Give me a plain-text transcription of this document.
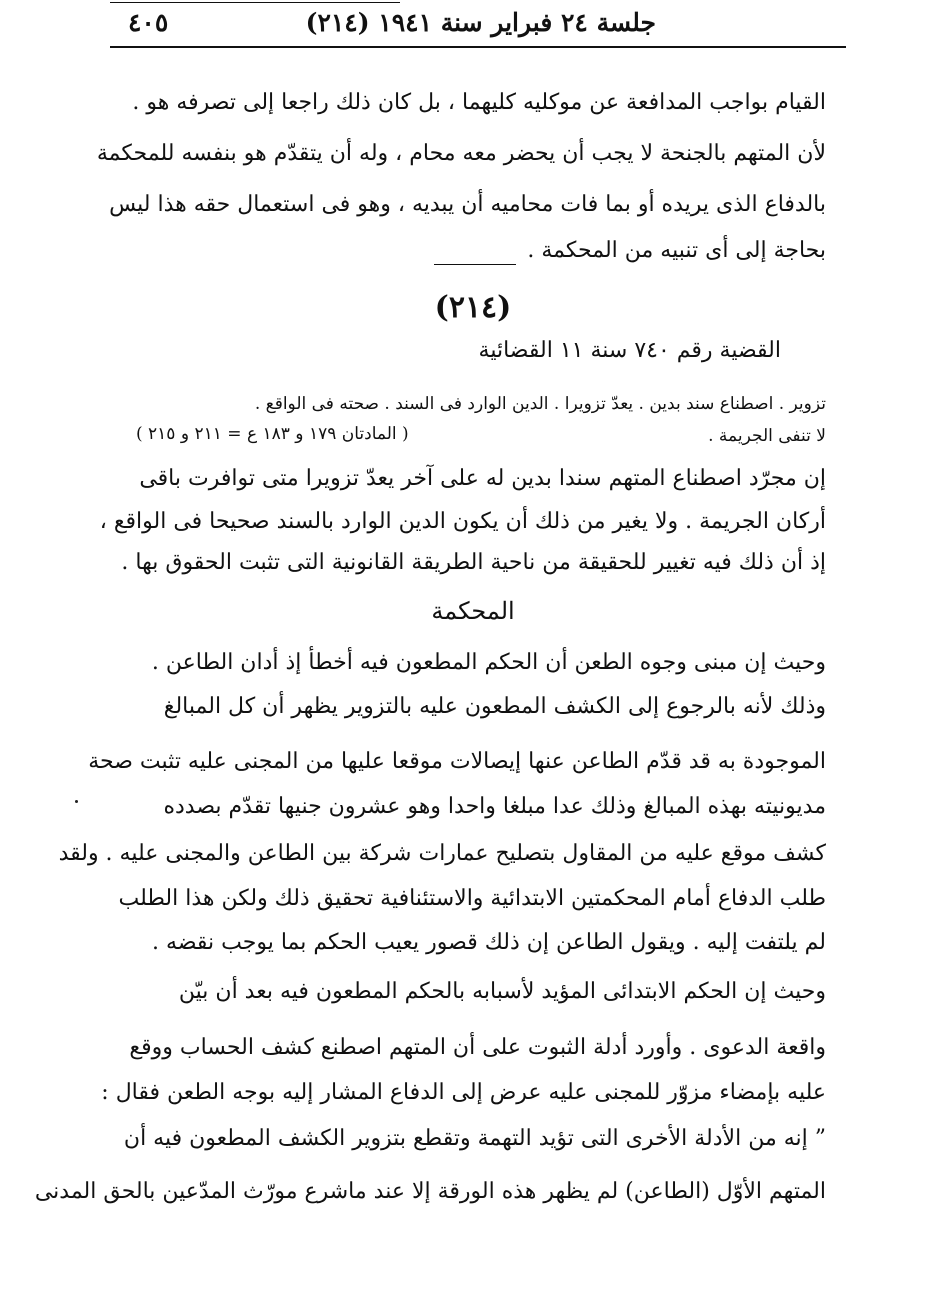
جلسة ٢٤ فبراير سنة ١٩٤١ (٢١٤)
٤٠٥
القيام بواجب المدافعة عن موكليه كليهما ، بل كان ذلك راجعا إلى تصرفه هو .
لأن المتهم بالجنحة لا يجب أن يحضر معه محام ، وله أن يتقدّم هو بنفسه للمحكمة
بالدفاع الذى يريده أو بما فات محاميه أن يبديه ، وهو فى استعمال حقه هذا ليس
بحاجة إلى أى تنبيه من المحكمة .
(٢١٤)
القضية رقم ٧٤٠ سنة ١١ القضائية
تزوير . اصطناع سند بدين . يعدّ تزويرا . الدين الوارد فى السند . صحته فى الواقع .
لا تنفى الجريمة .
( المادتان ١٧٩ و ١٨٣ ع = ٢١١ و ٢١٥ )
إن مجرّد اصطناع المتهم سندا بدين له على آخر يعدّ تزويرا متى توافرت باقى
أركان الجريمة . ولا يغير من ذلك أن يكون الدين الوارد بالسند صحيحا فى الواقع ،
إذ أن ذلك فيه تغيير للحقيقة من ناحية الطريقة القانونية التى تثبت الحقوق بها .
المحكمة
وحيث إن مبنى وجوه الطعن أن الحكم المطعون فيه أخطأ إذ أدان الطاعن .
وذلك لأنه بالرجوع إلى الكشف المطعون عليه بالتزوير يظهر أن كل المبالغ
الموجودة به قد قدّم الطاعن عنها إيصالات موقعا عليها من المجنى عليه تثبت صحة
مديونيته بهذه المبالغ وذلك عدا مبلغا واحدا وهو عشرون جنيها تقدّم بصدده
كشف موقع عليه من المقاول بتصليح عمارات شركة بين الطاعن والمجنى عليه . ولقد
طلب الدفاع أمام المحكمتين الابتدائية والاستئنافية تحقيق ذلك ولكن هذا الطلب
لم يلتفت إليه . ويقول الطاعن إن ذلك قصور يعيب الحكم بما يوجب نقضه .
وحيث إن الحكم الابتدائى المؤيد لأسبابه بالحكم المطعون فيه بعد أن بيّن
واقعة الدعوى . وأورد أدلة الثبوت على أن المتهم اصطنع كشف الحساب ووقع
عليه بإمضاء مزوّر للمجنى عليه عرض إلى الدفاع المشار إليه بوجه الطعن فقال :
” إنه من الأدلة الأخرى التى تؤيد التهمة وتقطع بتزوير الكشف المطعون فيه أن
المتهم الأوّل (الطاعن) لم يظهر هذه الورقة إلا عند ماشرع مورّث المدّعين بالحق المدنى
